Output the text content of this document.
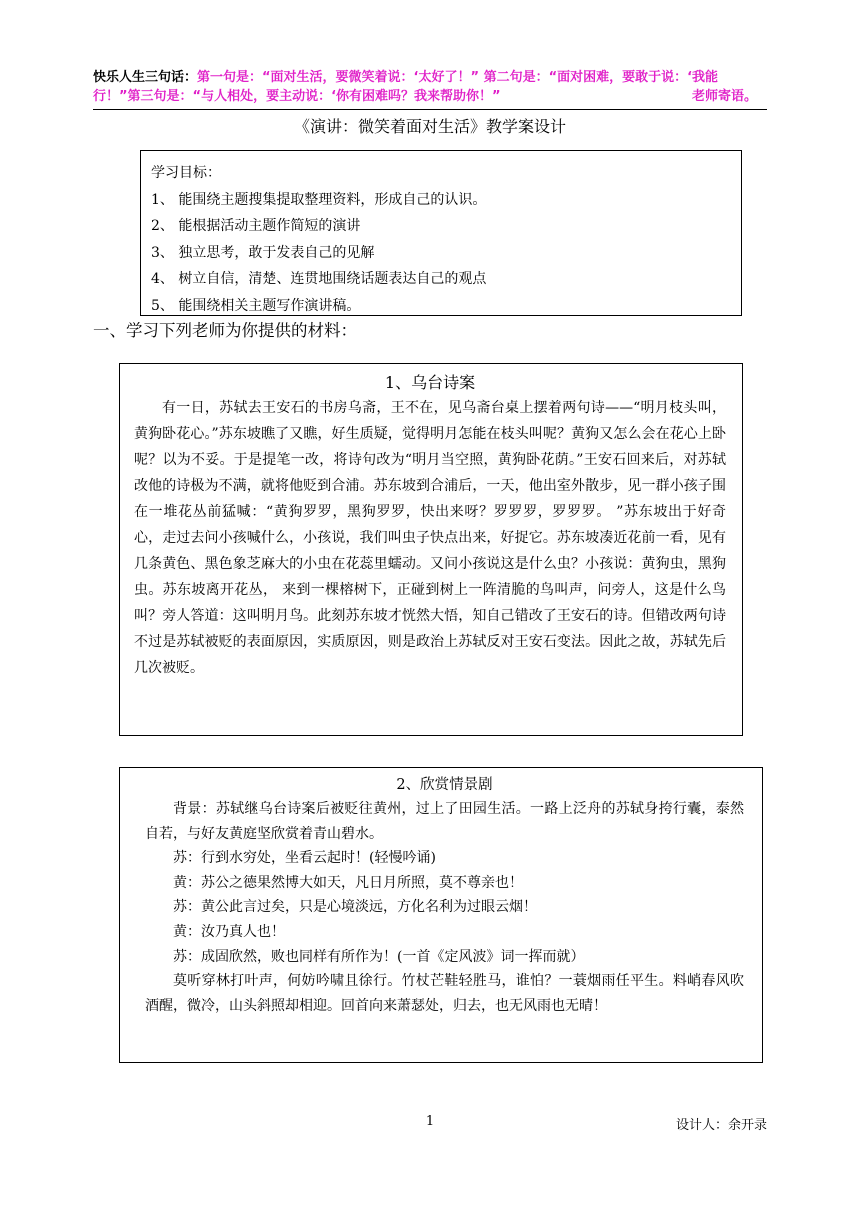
快乐人生三句话：第一句是：“面对生活，要微笑着说：‘太好了！” 第二句是：“面对困难，要敢于说：‘我能行！”第三句是：“与人相处，要主动说：‘你有困难吗？我来帮助你！”	老师寄语。
《演讲：微笑着面对生活》教学案设计
学习目标：
1、 能围绕主题搜集提取整理资料，形成自己的认识。
2、 能根据活动主题作简短的演讲
3、 独立思考，敢于发表自己的见解
4、 树立自信，清楚、连贯地围绕话题表达自己的观点
5、 能围绕相关主题写作演讲稿。
一、学习下列老师为你提供的材料：
1、乌台诗案
有一日，苏轼去王安石的书房乌斋，王不在，见乌斋台桌上摆着两句诗——“明月枝头叫，黄狗卧花心。”苏东坡瞧了又瞧，好生质疑，觉得明月怎能在枝头叫呢？黄狗又怎么会在花心上卧呢？以为不妥。于是提笔一改，将诗句改为“明月当空照，黄狗卧花荫。”王安石回来后，对苏轼改他的诗极为不满，就将他贬到合浦。苏东坡到合浦后，一天，他出室外散步，见一群小孩子围在一堆花丛前猛喊：“黄狗罗罗，黑狗罗罗，快出来呀？罗罗罗，罗罗罗。 ”苏东坡出于好奇心，走过去问小孩喊什么，小孩说，我们叫虫子快点出来，好捉它。苏东坡凑近花前一看，见有几条黄色、黑色象芝麻大的小虫在花蕊里蠕动。又问小孩说这是什么虫？小孩说：黄狗虫，黑狗虫。苏东坡离开花丛， 来到一棵榕树下，正碰到树上一阵清脆的鸟叫声，问旁人，这是什么鸟叫？旁人答道：这叫明月鸟。此刻苏东坡才恍然大悟，知自己错改了王安石的诗。但错改两句诗不过是苏轼被贬的表面原因，实质原因，则是政治上苏轼反对王安石变法。因此之故，苏轼先后几次被贬。
2、欣赏情景剧

背景：苏轼继乌台诗案后被贬往黄州，过上了田园生活。一路上泛舟的苏轼身挎行囊，泰然自若，与好友黄庭坚欣赏着青山碧水。

苏：行到水穷处，坐看云起时！(轻慢吟诵)

黄：苏公之德果然博大如天，凡日月所照，莫不尊亲也！

苏：黄公此言过矣，只是心境淡远，方化名利为过眼云烟！

黄：汝乃真人也！

苏：成固欣然，败也同样有所作为！(一首《定风波》词一挥而就）

莫听穿林打叶声，何妨吟啸且徐行。竹杖芒鞋轻胜马，谁怕？一蓑烟雨任平生。料峭春风吹酒醒，微冷，山头斜照却相迎。回首向来萧瑟处，归去，也无风雨也无晴！

1	设计人：余开录
